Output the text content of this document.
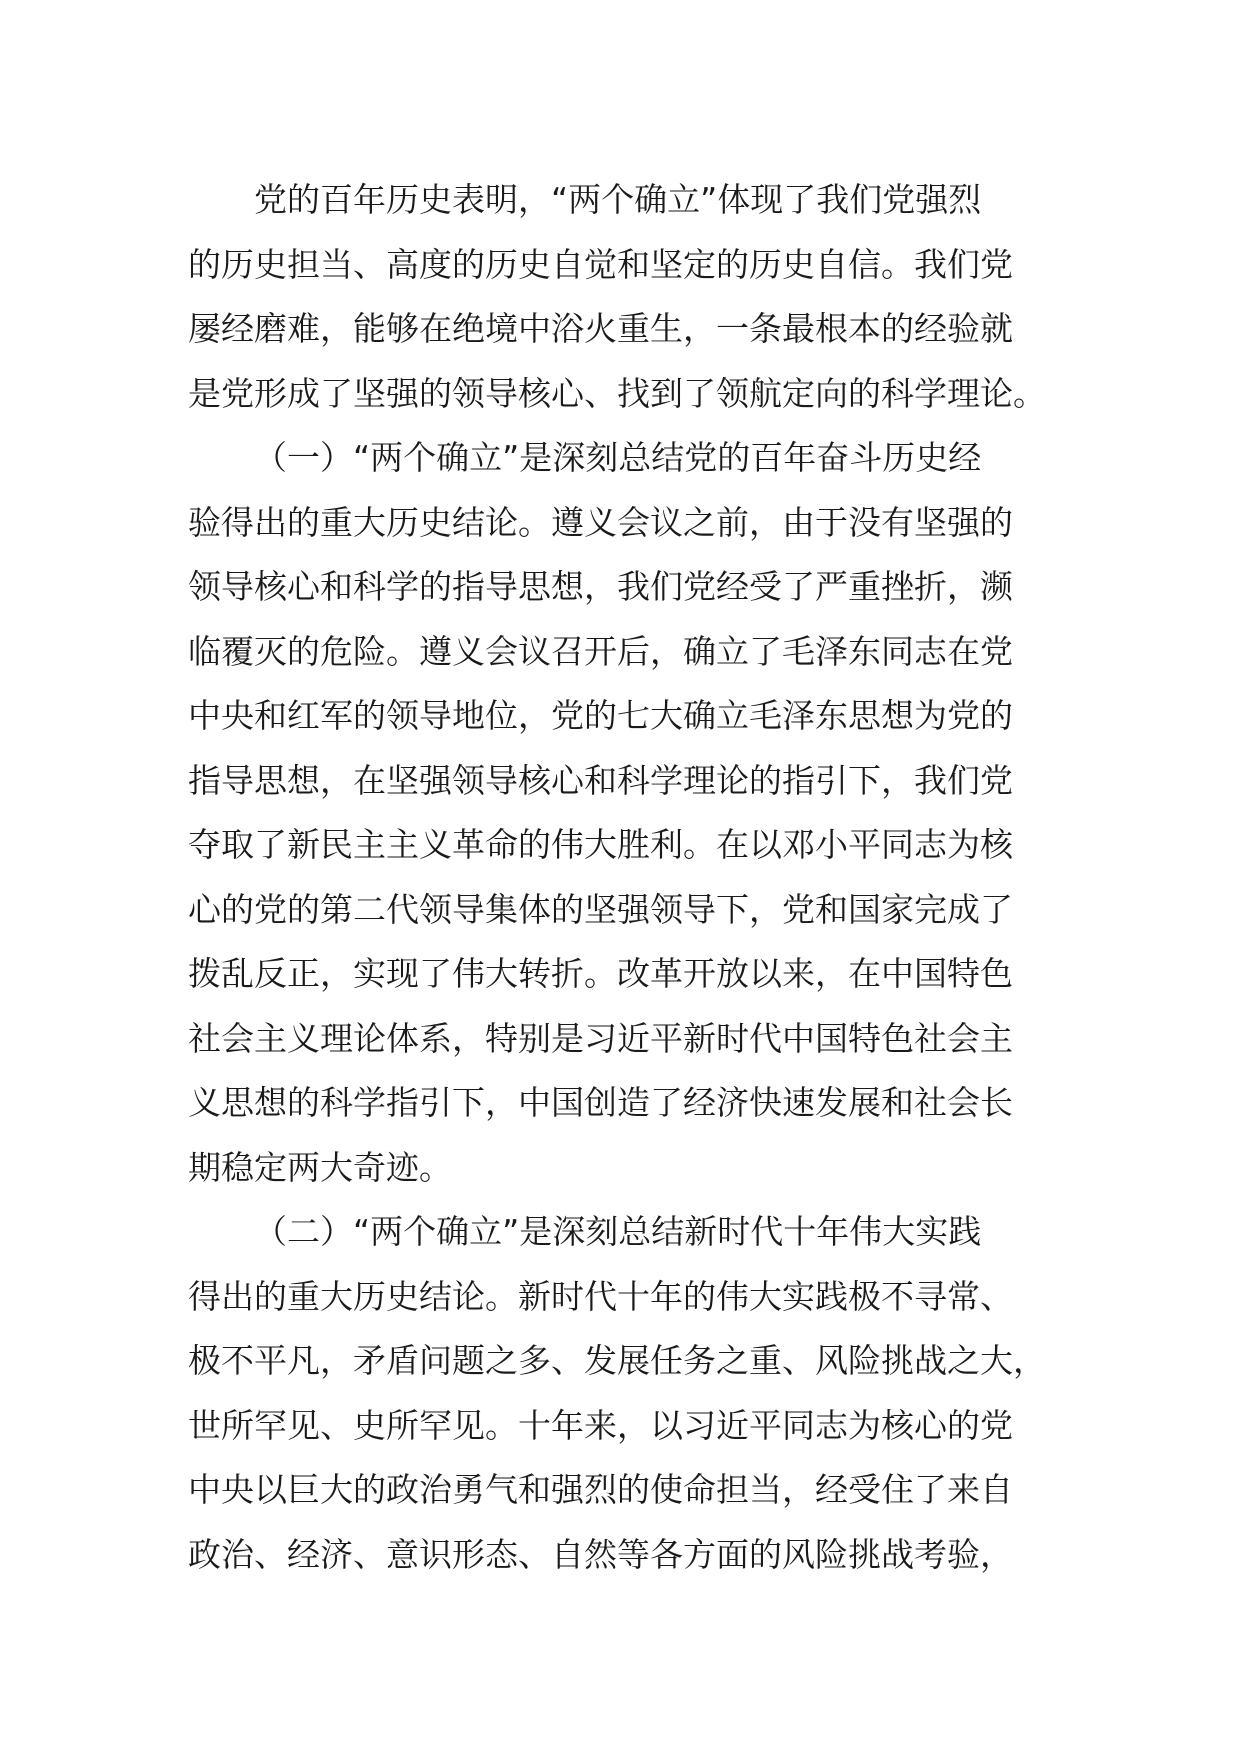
党的百年历史表明，“两个确立”体现了我们党强烈
的历史担当、高度的历史自觉和坚定的历史自信。我们党
屡经磨难，能够在绝境中浴火重生，一条最根本的经验就
是党形成了坚强的领导核心、找到了领航定向的科学理论。
（一）“两个确立”是深刻总结党的百年奋斗历史经
验得出的重大历史结论。遵义会议之前，由于没有坚强的
领导核心和科学的指导思想，我们党经受了严重挫折，濒
临覆灭的危险。遵义会议召开后，确立了毛泽东同志在党
中央和红军的领导地位，党的七大确立毛泽东思想为党的
指导思想，在坚强领导核心和科学理论的指引下，我们党
夺取了新民主主义革命的伟大胜利。在以邓小平同志为核
心的党的第二代领导集体的坚强领导下，党和国家完成了
拨乱反正，实现了伟大转折。改革开放以来，在中国特色
社会主义理论体系，特别是习近平新时代中国特色社会主
义思想的科学指引下，中国创造了经济快速发展和社会长
期稳定两大奇迹。
（二）“两个确立”是深刻总结新时代十年伟大实践
得出的重大历史结论。新时代十年的伟大实践极不寻常、
极不平凡，矛盾问题之多、发展任务之重、风险挑战之大，
世所罕见、史所罕见。十年来，以习近平同志为核心的党
中央以巨大的政治勇气和强烈的使命担当，经受住了来自
政治、经济、意识形态、自然等各方面的风险挑战考验，
